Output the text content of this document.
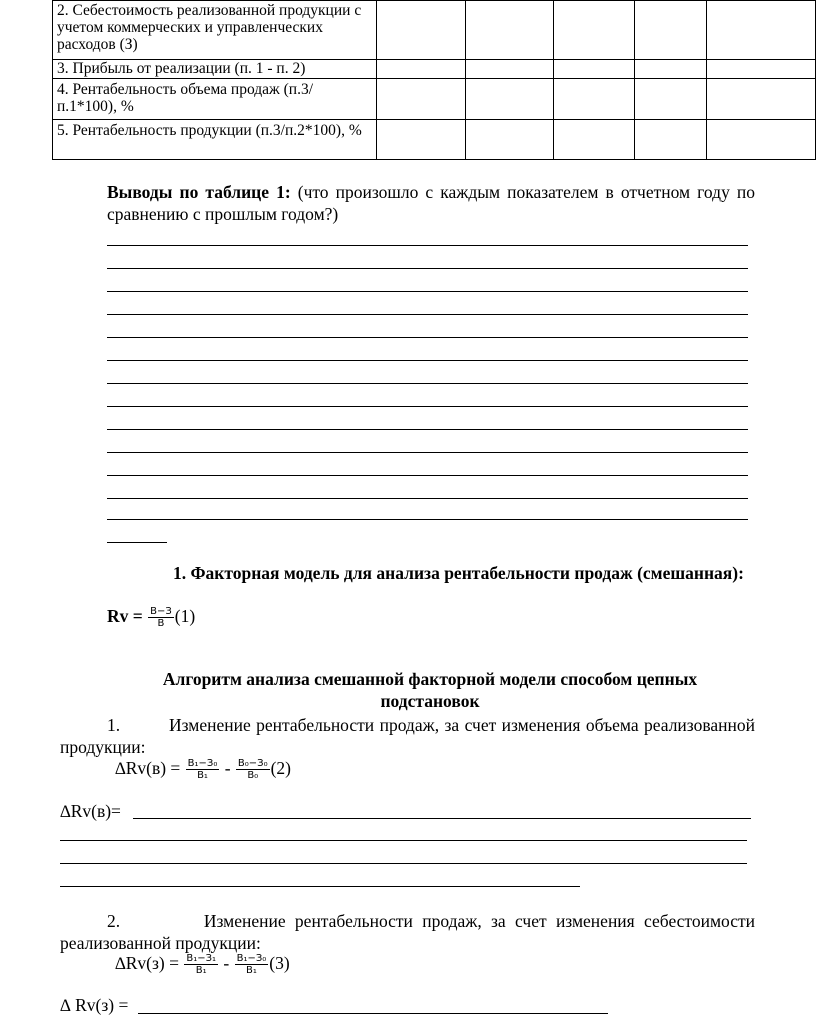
2. Себестоимость реализованной продукции с учетом коммерческих и управленческих расходов (З)					
3. Прибыль от реализации (п. 1 - п. 2)					
4. Рентабельность объема продаж (п.3/п.1*100), %					
5. Рентабельность продукции (п.3/п.2*100), %					
Выводы по таблице 1: (что произошло с каждым показателем в отчетном году по сравнению с прошлым годом?)
1. Факторная модель для анализа рентабельности продаж (смешанная):
$Rv = \frac{В-З}{В} (1)$
Алгоритм анализа смешанной факторной модели способом цепных подстановок
1.	Изменение рентабельности продаж, за счет изменения объема реализованной продукции:
$\Delta Rv(в) = \frac{\text{В₁−З₀}}{\text{В₁}} - \frac{\text{В₀−З₀}}{\text{В₀}} (2)$
∆Rv(в)=
2.	Изменение рентабельности продаж, за счет изменения себестоимости реализованной продукции:
$\Delta Rv(з) = \frac{\text{В₁−З₁}}{\text{В₁}} - \frac{\text{В₁−З₀}}{\text{В₁}} (3)$
∆ Rv(з) =
